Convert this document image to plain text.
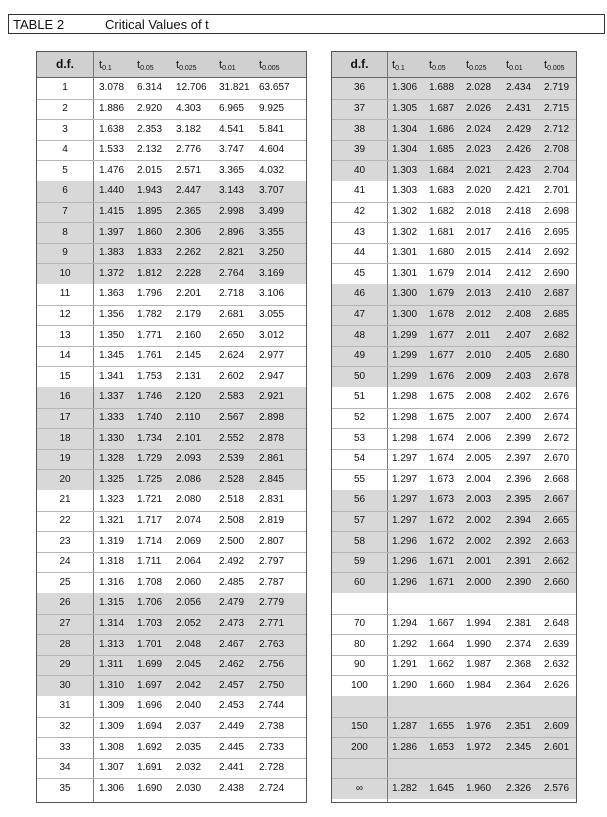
TABLE 2	Critical Values of t
d.f.	$t_{0.1}$ $t_{0.05}$ $t_{0.025}$ $t_{0.01}$ $t_{0.005}$
1	3.078 6.314 12.706 31.821 63.657
2	1.886 2.920 4.303 6.965 9.925
3	1.638 2.353 3.182 4.541 5.841
4	1.533 2.132 2.776 3.747 4.604
5	1.476 2.015 2.571 3.365 4.032
6	1.440 1.943 2.447 3.143 3.707
7	1.415 1.895 2.365 2.998 3.499
8	1.397 1.860 2.306 2.896 3.355
9	1.383 1.833 2.262 2.821 3.250
10	1.372 1.812 2.228 2.764 3.169
11	1.363 1.796 2.201 2.718 3.106
12	1.356 1.782 2.179 2.681 3.055
13	1.350 1.771 2.160 2.650 3.012
14	1.345 1.761 2.145 2.624 2.977
15	1.341 1.753 2.131 2.602 2.947
16	1.337 1.746 2.120 2.583 2.921
17	1.333 1.740 2.110 2.567 2.898
18	1.330 1.734 2.101 2.552 2.878
19	1.328 1.729 2.093 2.539 2.861
20	1.325 1.725 2.086 2.528 2.845
21	1.323 1.721 2.080 2.518 2.831
22	1.321 1.717 2.074 2.508 2.819
23	1.319 1.714 2.069 2.500 2.807
24	1.318 1.711 2.064 2.492 2.797
25	1.316 1.708 2.060 2.485 2.787
26	1.315 1.706 2.056 2.479 2.779
27	1.314 1.703 2.052 2.473 2.771
28	1.313 1.701 2.048 2.467 2.763
29	1.311 1.699 2.045 2.462 2.756
30	1.310 1.697 2.042 2.457 2.750
31	1.309 1.696 2.040 2.453 2.744
32	1.309 1.694 2.037 2.449 2.738
33	1.308 1.692 2.035 2.445 2.733
34	1.307 1.691 2.032 2.441 2.728
35	1.306 1.690 2.030 2.438 2.724
d.f.	$t_{0.1}$ $t_{0.05}$ $t_{0.025}$ $t_{0.01}$ $t_{0.005}$
36	1.306 1.688 2.028 2.434 2.719
37	1.305 1.687 2.026 2.431 2.715
38	1.304 1.686 2.024 2.429 2.712
39	1.304 1.685 2.023 2.426 2.708
40	1.303 1.684 2.021 2.423 2.704
41	1.303 1.683 2.020 2.421 2.701
42	1.302 1.682 2.018 2.418 2.698
43	1.302 1.681 2.017 2.416 2.695
44	1.301 1.680 2.015 2.414 2.692
45	1.301 1.679 2.014 2.412 2.690
46	1.300 1.679 2.013 2.410 2.687
47	1.300 1.678 2.012 2.408 2.685
48	1.299 1.677 2.011 2.407 2.682
49	1.299 1.677 2.010 2.405 2.680
50	1.299 1.676 2.009 2.403 2.678
51	1.298 1.675 2.008 2.402 2.676
52	1.298 1.675 2.007 2.400 2.674
53	1.298 1.674 2.006 2.399 2.672
54	1.297 1.674 2.005 2.397 2.670
55	1.297 1.673 2.004 2.396 2.668
56	1.297 1.673 2.003 2.395 2.667
57	1.297 1.672 2.002 2.394 2.665
58	1.296 1.672 2.002 2.392 2.663
59	1.296 1.671 2.001 2.391 2.662
60	1.296 1.671 2.000 2.390 2.660
70	1.294 1.667 1.994 2.381 2.648
80	1.292 1.664 1.990 2.374 2.639
90	1.291 1.662 1.987 2.368 2.632
100	1.290 1.660 1.984 2.364 2.626
150	1.287 1.655 1.976 2.351 2.609
200	1.286 1.653 1.972 2.345 2.601
∞	1.282 1.645 1.960 2.326 2.576
